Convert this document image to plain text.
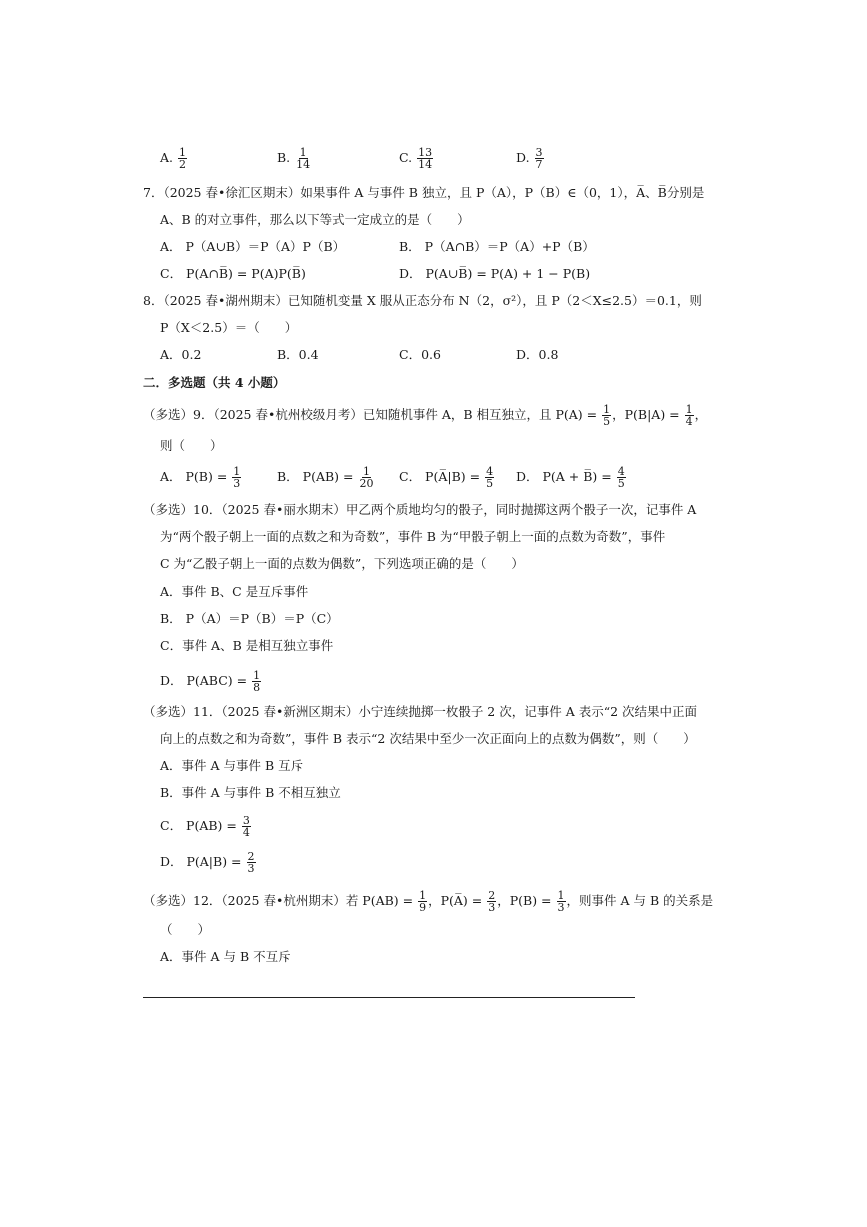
A. $\frac{1}{2}$	B. $\frac{1}{14}$	C. $\frac{13}{14}$	D. $\frac{3}{7}$
7．（2025 春•徐汇区期末）如果事件 A 与事件 B 独立，且 P（A），P（B）∈（0，1），A̅、B̅分别是
A、B 的对立事件，那么以下等式一定成立的是（　　）
A． P（A∪B）＝P（A）P（B）	B． P（A∩B）＝P（A）+P（B）
C． P(A∩B̅) = P(A)P(B̅)	D． P(A∪B̅) = P(A) + 1 − P(B)
8．（2025 春•湖州期末）已知随机变量 X 服从正态分布 N（2，σ²），且 P（2＜X≤2.5）＝0.1，则
P（X＜2.5）＝（　　）
A．0.2	B．0.4	C．0.6	D．0.8
二．多选题（共 4 小题）
（多选）9．（2025 春•杭州校级月考）已知随机事件 A，B 相互独立，且 $P(A) = \frac{1}{5}$ ，$P(B|A) = \frac{1}{4}$ ，
则（　　）
A． $P(B) = \frac{1}{3}$	B． $P(AB) = \frac{1}{20}$ C． P(A̅|B) = $\frac{4}{5}$ D． P(A + B̅) = $\frac{4}{5}$
（多选）10．（2025 春•丽水期末）甲乙两个质地均匀的骰子，同时抛掷这两个骰子一次，记事件 A
为“两个骰子朝上一面的点数之和为奇数”，事件 B 为“甲骰子朝上一面的点数为奇数”，事件
C 为“乙骰子朝上一面的点数为偶数”，下列选项正确的是（　　）
A．事件 B、C 是互斥事件
B． P（A）＝P（B）＝P（C）
C．事件 A、B 是相互独立事件
D． $P(ABC) = \frac{1}{8}$
（多选）11．（2025 春•新洲区期末）小宁连续抛掷一枚骰子 2 次，记事件 A 表示“2 次结果中正面
向上的点数之和为奇数”，事件 B 表示“2 次结果中至少一次正面向上的点数为偶数”，则（　　）
A．事件 A 与事件 B 互斥
B．事件 A 与事件 B 不相互独立
C． $P(AB) = \frac{3}{4}$
D． $P(A|B) = \frac{2}{3}$
（多选）12．（2025 春•杭州期末）若 $P(AB) = \frac{1}{9}$ ，P(A̅) = $\frac{2}{3}$ ，$P(B) = \frac{1}{3}$ ，则事件 A 与 B 的关系是
（　　）
A．事件 A 与 B 不互斥
